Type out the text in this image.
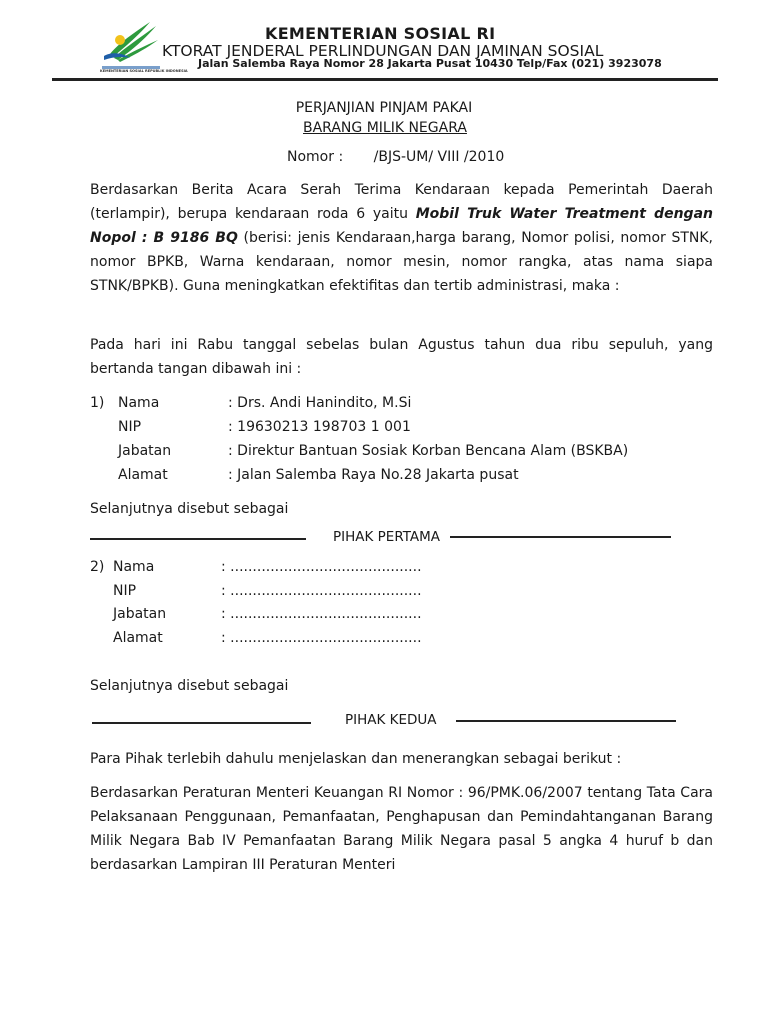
KEMENTERIAN SOSIAL REPUBLIK INDONESIA
KEMENTERIAN SOSIAL RI
KTORAT JENDERAL PERLINDUNGAN DAN JAMINAN SOSIAL
Jalan Salemba Raya Nomor 28 Jakarta Pusat 10430 Telp/Fax (021) 3923078
PERJANJIAN PINJAM PAKAI
BARANG MILIK NEGARA
Nomor : /BJS-UM/ VIII /2010

Berdasarkan Berita Acara Serah Terima Kendaraan kepada Pemerintah Daerah (terlampir), berupa kendaraan roda 6 yaitu Mobil Truk Water Treatment dengan Nopol : B 9186 BQ (berisi: jenis Kendaraan,harga barang, Nomor polisi, nomor STNK, nomor BPKB, Warna kendaraan, nomor mesin, nomor rangka, atas nama siapa STNK/BPKB). Guna meningkatkan efektifitas dan tertib administrasi, maka :

Pada hari ini Rabu tanggal sebelas bulan Agustus tahun dua ribu sepuluh, yang bertanda tangan dibawah ini :

1) Nama	: Drs. Andi Hanindito, M.Si
NIP	: 19630213 198703 1 001
Jabatan	: Direktur Bantuan Sosiak Korban Bencana Alam (BSKBA)
Alamat	: Jalan Salemba Raya No.28 Jakarta pusat
Selanjutnya disebut sebagai
PIHAK PERTAMA
2) Nama	: ...........................................
NIP	: ...........................................
Jabatan	: ...........................................
Alamat	: ...........................................
Selanjutnya disebut sebagai
PIHAK KEDUA

Para Pihak terlebih dahulu menjelaskan dan menerangkan sebagai berikut :

Berdasarkan Peraturan Menteri Keuangan RI Nomor : 96/PMK.06/2007 tentang Tata Cara Pelaksanaan Penggunaan, Pemanfaatan, Penghapusan dan Pemindahtanganan Barang Milik Negara Bab IV Pemanfaatan Barang Milik Negara pasal 5 angka 4 huruf b dan berdasarkan Lampiran III Peraturan Menteri
